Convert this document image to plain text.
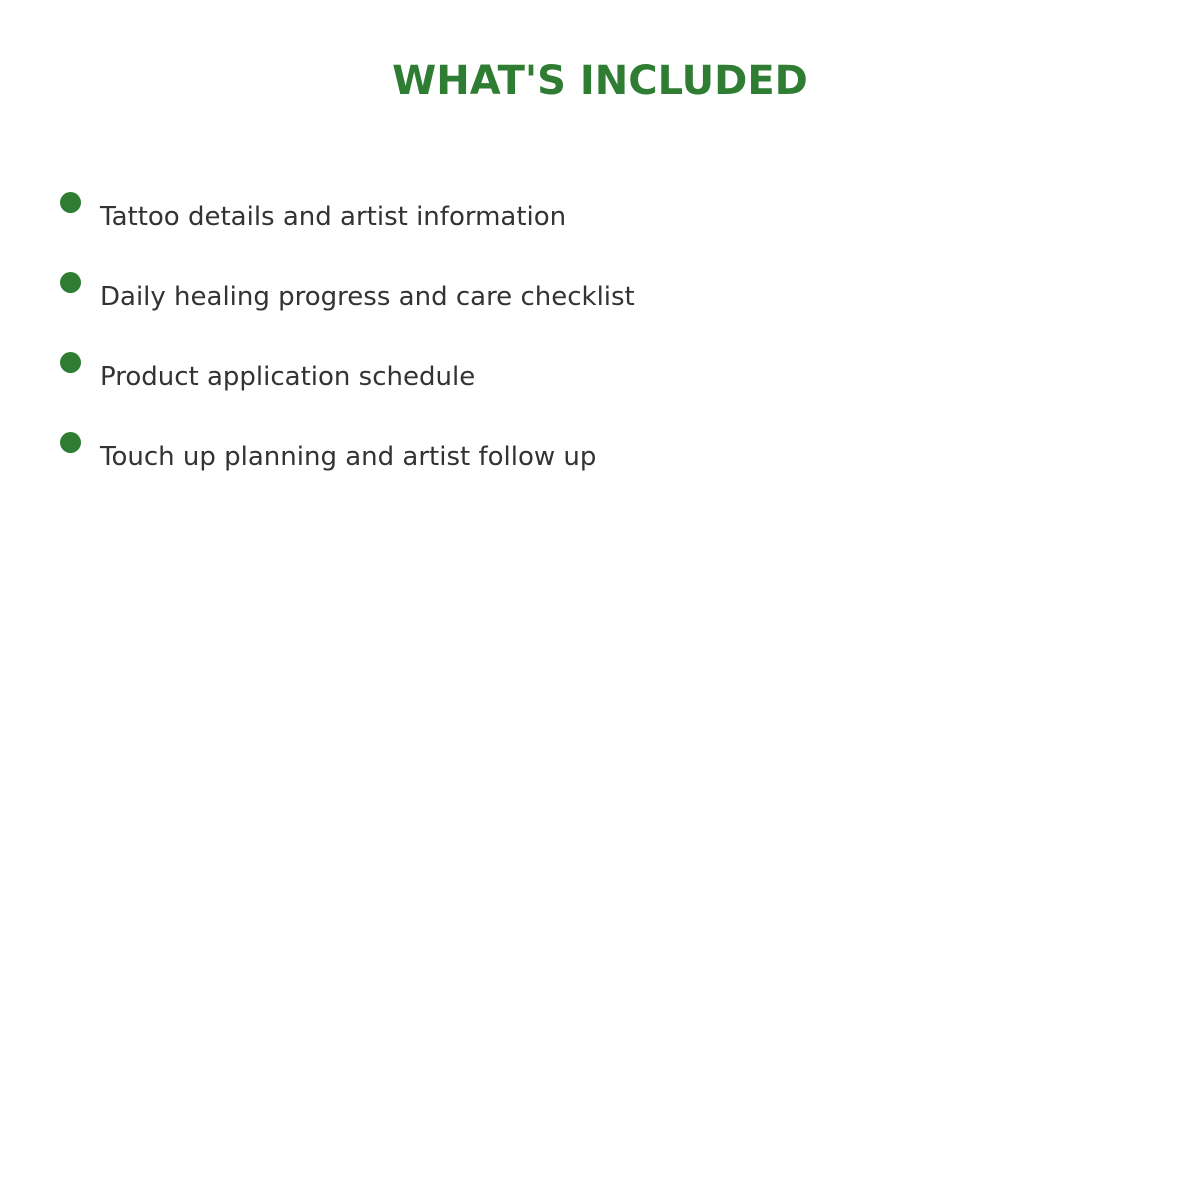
WHAT'S INCLUDED
Tattoo details and artist information
Daily healing progress and care checklist
Product application schedule
Touch up planning and artist follow up
